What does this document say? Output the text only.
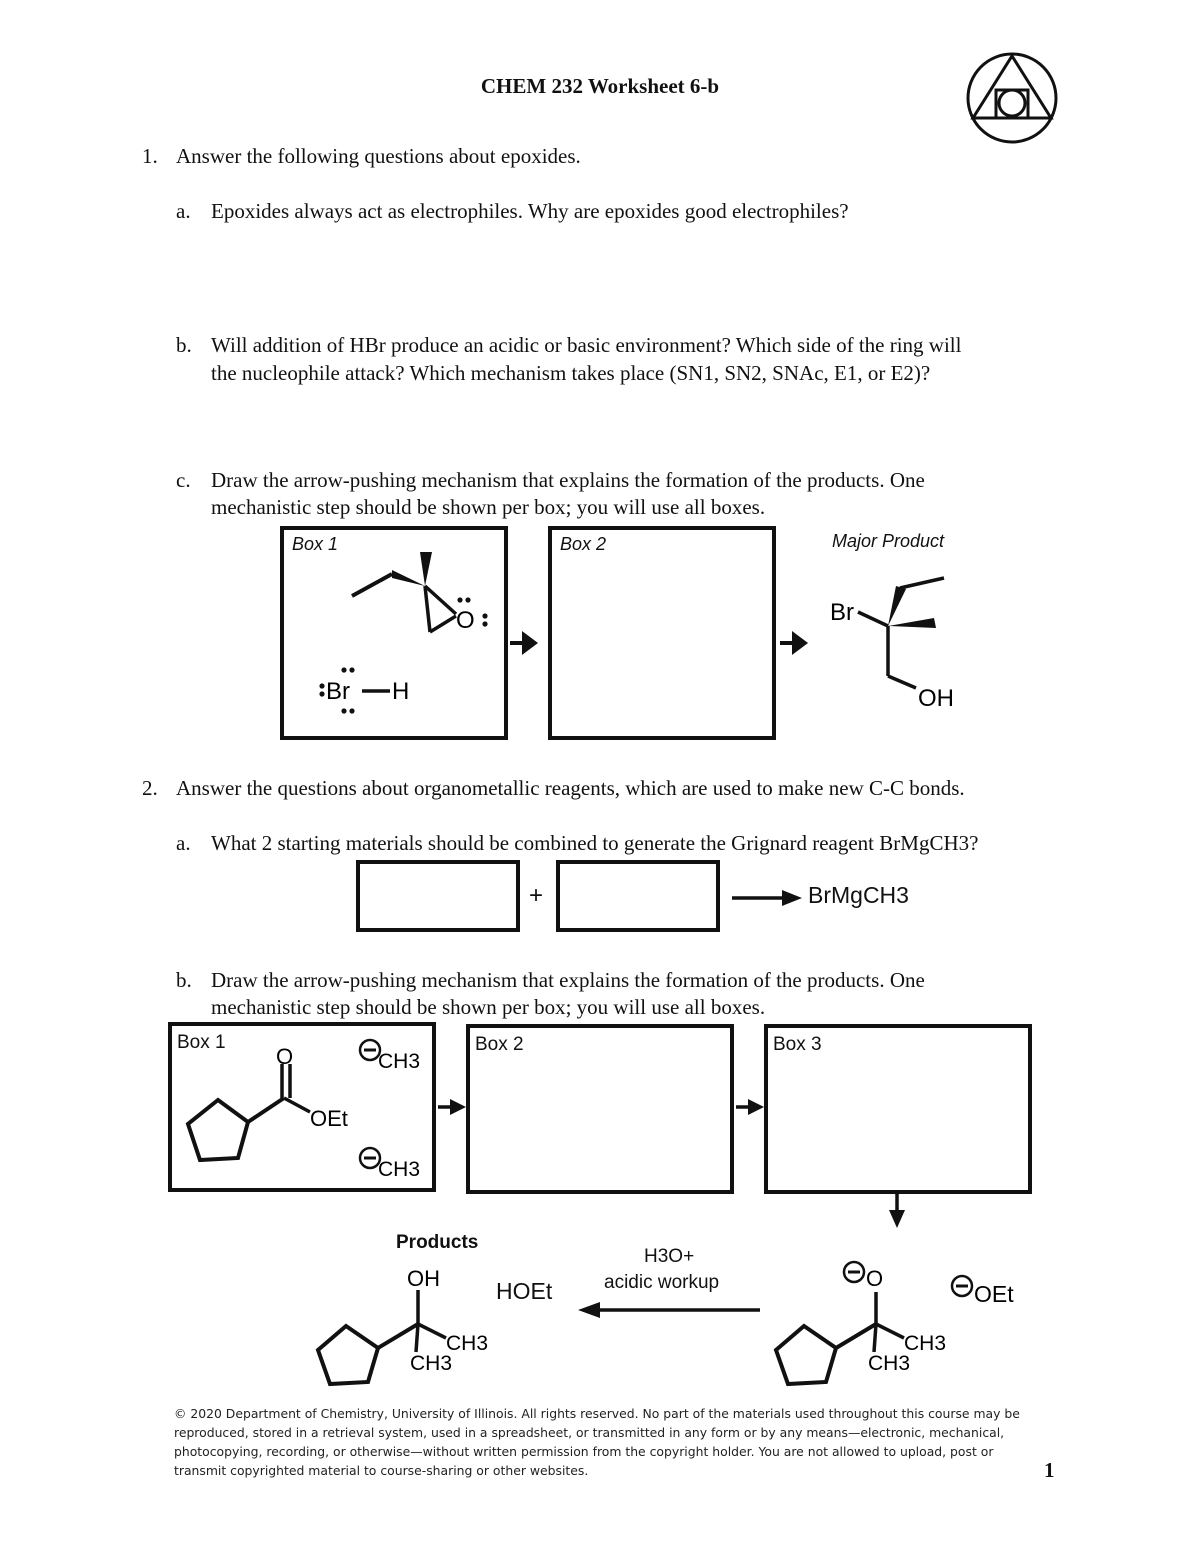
CHEM 232 Worksheet 6-b
1. Answer the following questions about epoxides.
a. Epoxides always act as electrophiles. Why are epoxides good electrophiles?
b. Will addition of HBr produce an acidic or basic environment? Which side of the ring will
the nucleophile attack? Which mechanism takes place (SN1, SN2, SNAc, E1, or E2)?
c. Draw the arrow-pushing mechanism that explains the formation of the products. One
mechanistic step should be shown per box; you will use all boxes.
Box 1
O
Br H
Box 2	Major Product
Br
OH
2. Answer the questions about organometallic reagents, which are used to make new C-C bonds.
a. What 2 starting materials should be combined to generate the Grignard reagent BrMgCH3?
+	BrMgCH3
b. Draw the arrow-pushing mechanism that explains the formation of the products. One
mechanistic step should be shown per box; you will use all boxes.
Box 1
O
OEt
CH3
CH3
Box 2	Box 3
Products
OH
CH3
CH3
HOEt
H3O+
acidic workup	O
CH3
CH3
OEt
© 2020 Department of Chemistry, University of Illinois. All rights reserved. No part of the materials used throughout this course may be reproduced, stored in a retrieval system, used in a spreadsheet, or transmitted in any form or by any means—electronic, mechanical, photocopying, recording, or otherwise—without written permission from the copyright holder. You are not allowed to upload, post or transmit copyrighted material to course-sharing or other websites.	1
